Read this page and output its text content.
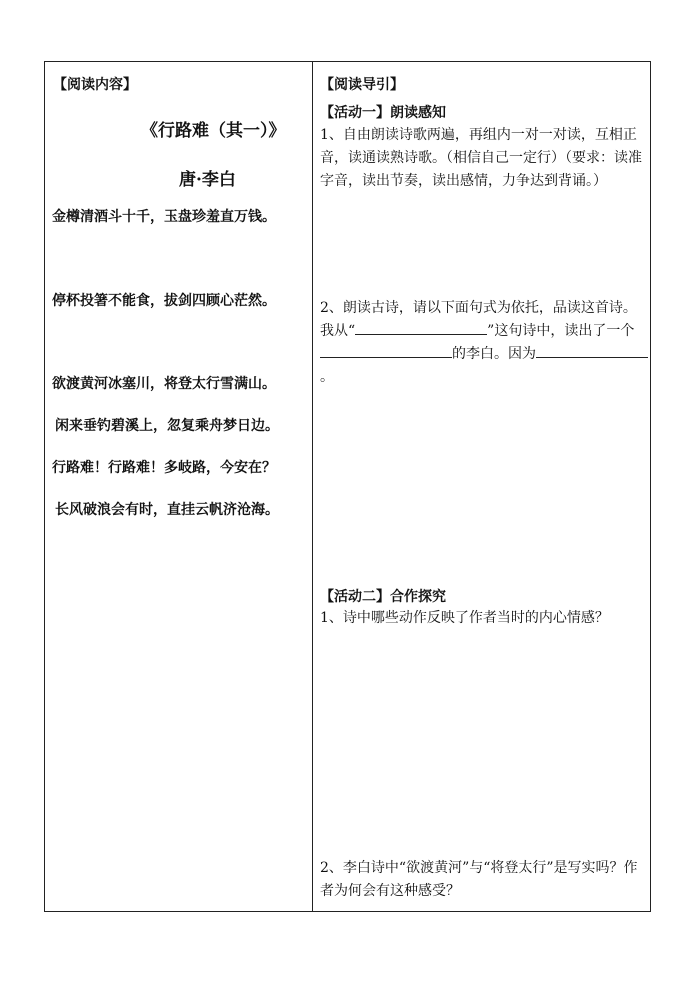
【阅读内容】
《行路难（其一）》
唐·李白
金樽清酒斗十千，玉盘珍羞直万钱。
停杯投箸不能食，拔剑四顾心茫然。
欲渡黄河冰塞川，将登太行雪满山。
闲来垂钓碧溪上，忽复乘舟梦日边。
行路难！行路难！多岐路，今安在？
长风破浪会有时，直挂云帆济沧海。
【阅读导引】
【活动一】朗读感知
1、自由朗读诗歌两遍，再组内一对一对读，互相正音，读通读熟诗歌。（相信自己一定行）（要求：读准字音，读出节奏，读出感情，力争达到背诵。）
2、朗读古诗，请以下面句式为依托，品读这首诗。我从“	”这句诗中，读出了一个的李白。因为。
【活动二】合作探究
1、诗中哪些动作反映了作者当时的内心情感？
2、李白诗中“欲渡黄河”与“将登太行”是写实吗？作者为何会有这种感受？
